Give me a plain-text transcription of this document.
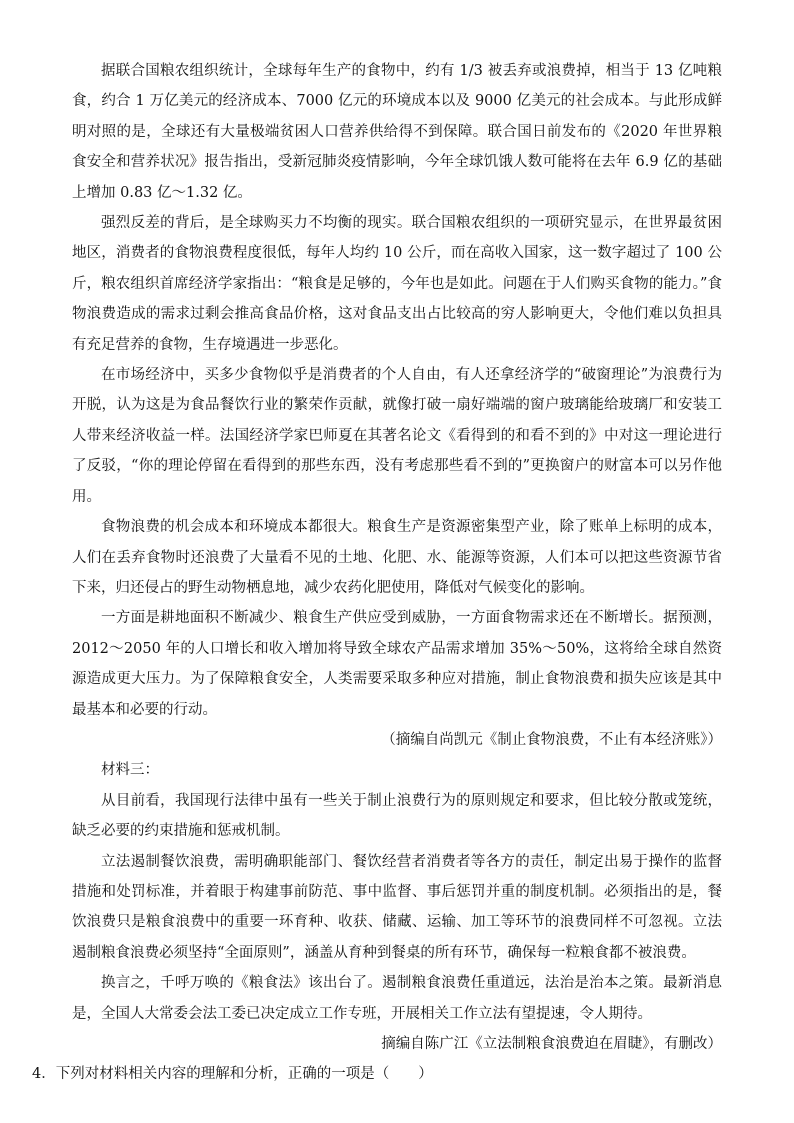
据联合国粮农组织统计，全球每年生产的食物中，约有 1/3 被丢弃或浪费掉，相当于 13 亿吨粮食，约合 1 万亿美元的经济成本、7000 亿元的环境成本以及 9000 亿美元的社会成本。与此形成鲜明对照的是，全球还有大量极端贫困人口营养供给得不到保障。联合国日前发布的《2020 年世界粮食安全和营养状况》报告指出，受新冠肺炎疫情影响，今年全球饥饿人数可能将在去年 6.9 亿的基础上增加 0.83 亿～1.32 亿。

强烈反差的背后，是全球购买力不均衡的现实。联合国粮农组织的一项研究显示，在世界最贫困地区，消费者的食物浪费程度很低，每年人均约 10 公斤，而在高收入国家，这一数字超过了 100 公斤，粮农组织首席经济学家指出：“粮食是足够的，今年也是如此。问题在于人们购买食物的能力。”食物浪费造成的需求过剩会推高食品价格，这对食品支出占比较高的穷人影响更大，令他们难以负担具有充足营养的食物，生存境遇进一步恶化。

在市场经济中，买多少食物似乎是消费者的个人自由，有人还拿经济学的“破窗理论”为浪费行为开脱，认为这是为食品餐饮行业的繁荣作贡献，就像打破一扇好端端的窗户玻璃能给玻璃厂和安装工人带来经济收益一样。法国经济学家巴师夏在其著名论文《看得到的和看不到的》中对这一理论进行了反驳，“你的理论停留在看得到的那些东西，没有考虑那些看不到的”更换窗户的财富本可以另作他用。

食物浪费的机会成本和环境成本都很大。粮食生产是资源密集型产业，除了账单上标明的成本，人们在丢弃食物时还浪费了大量看不见的土地、化肥、水、能源等资源，人们本可以把这些资源节省下来，归还侵占的野生动物栖息地，减少农药化肥使用，降低对气候变化的影响。

一方面是耕地面积不断减少、粮食生产供应受到威胁，一方面食物需求还在不断增长。据预测，2012～2050 年的人口增长和收入增加将导致全球农产品需求增加 35%～50%，这将给全球自然资源造成更大压力。为了保障粮食安全，人类需要采取多种应对措施，制止食物浪费和损失应该是其中最基本和必要的行动。

（摘编自尚凯元《制止食物浪费，不止有本经济账》）

材料三：

从目前看，我国现行法律中虽有一些关于制止浪费行为的原则规定和要求，但比较分散或笼统，缺乏必要的约束措施和惩戒机制。

立法遏制餐饮浪费，需明确职能部门、餐饮经营者消费者等各方的责任，制定出易于操作的监督措施和处罚标准，并着眼于构建事前防范、事中监督、事后惩罚并重的制度机制。必须指出的是，餐饮浪费只是粮食浪费中的重要一环育种、收获、储藏、运输、加工等环节的浪费同样不可忽视。立法遏制粮食浪费必须坚持“全面原则”，涵盖从育种到餐桌的所有环节，确保每一粒粮食都不被浪费。

换言之，千呼万唤的《粮食法》该出台了。遏制粮食浪费任重道远，法治是治本之策。最新消息是，全国人大常委会法工委已决定成立工作专班，开展相关工作立法有望提速，令人期待。

摘编自陈广江《立法制粮食浪费迫在眉睫》，有删改）

4．下列对材料相关内容的理解和分析，正确的一项是（　　）
